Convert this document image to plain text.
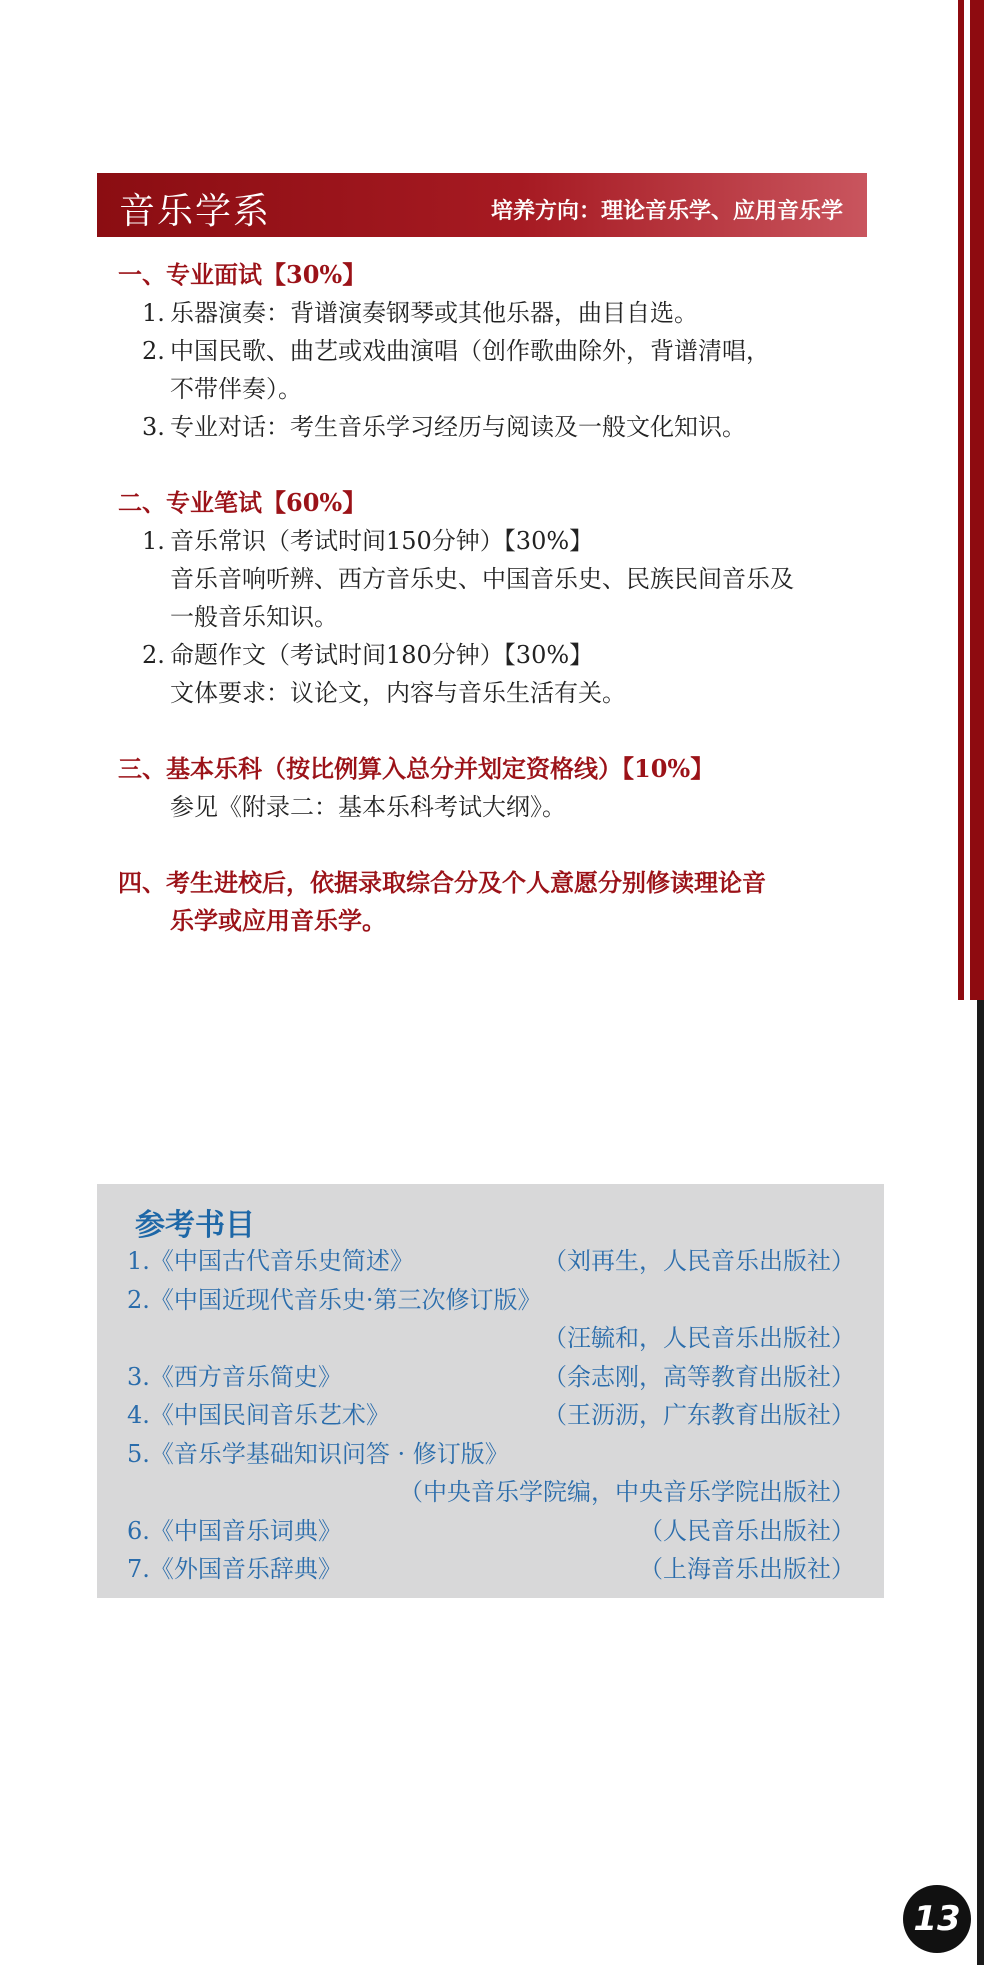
音乐学系	培养方向：理论音乐学、应用音乐学
一、专业面试【30%】
1. 乐器演奏：背谱演奏钢琴或其他乐器，曲目自选。
2. 中国民歌、曲艺或戏曲演唱（创作歌曲除外，背谱清唱，
不带伴奏）。
3. 专业对话：考生音乐学习经历与阅读及一般文化知识。
二、专业笔试【60%】
1. 音乐常识（考试时间150分钟）【30%】
音乐音响听辨、西方音乐史、中国音乐史、民族民间音乐及
一般音乐知识。
2. 命题作文（考试时间180分钟）【30%】
文体要求：议论文，内容与音乐生活有关。
三、基本乐科（按比例算入总分并划定资格线）【10%】
参见《附录二：基本乐科考试大纲》。
四、考生进校后，依据录取综合分及个人意愿分别修读理论音
乐学或应用音乐学。
参考书目
1.《中国古代音乐史简述》	（刘再生，人民音乐出版社）
2.《中国近现代音乐史·第三次修订版》
（汪毓和，人民音乐出版社）
3.《西方音乐简史》	（余志刚，高等教育出版社）
4.《中国民间音乐艺术》	（王沥沥，广东教育出版社）
5.《音乐学基础知识问答 · 修订版》
（中央音乐学院编，中央音乐学院出版社）
6.《中国音乐词典》	（人民音乐出版社）
7.《外国音乐辞典》	（上海音乐出版社）
13
